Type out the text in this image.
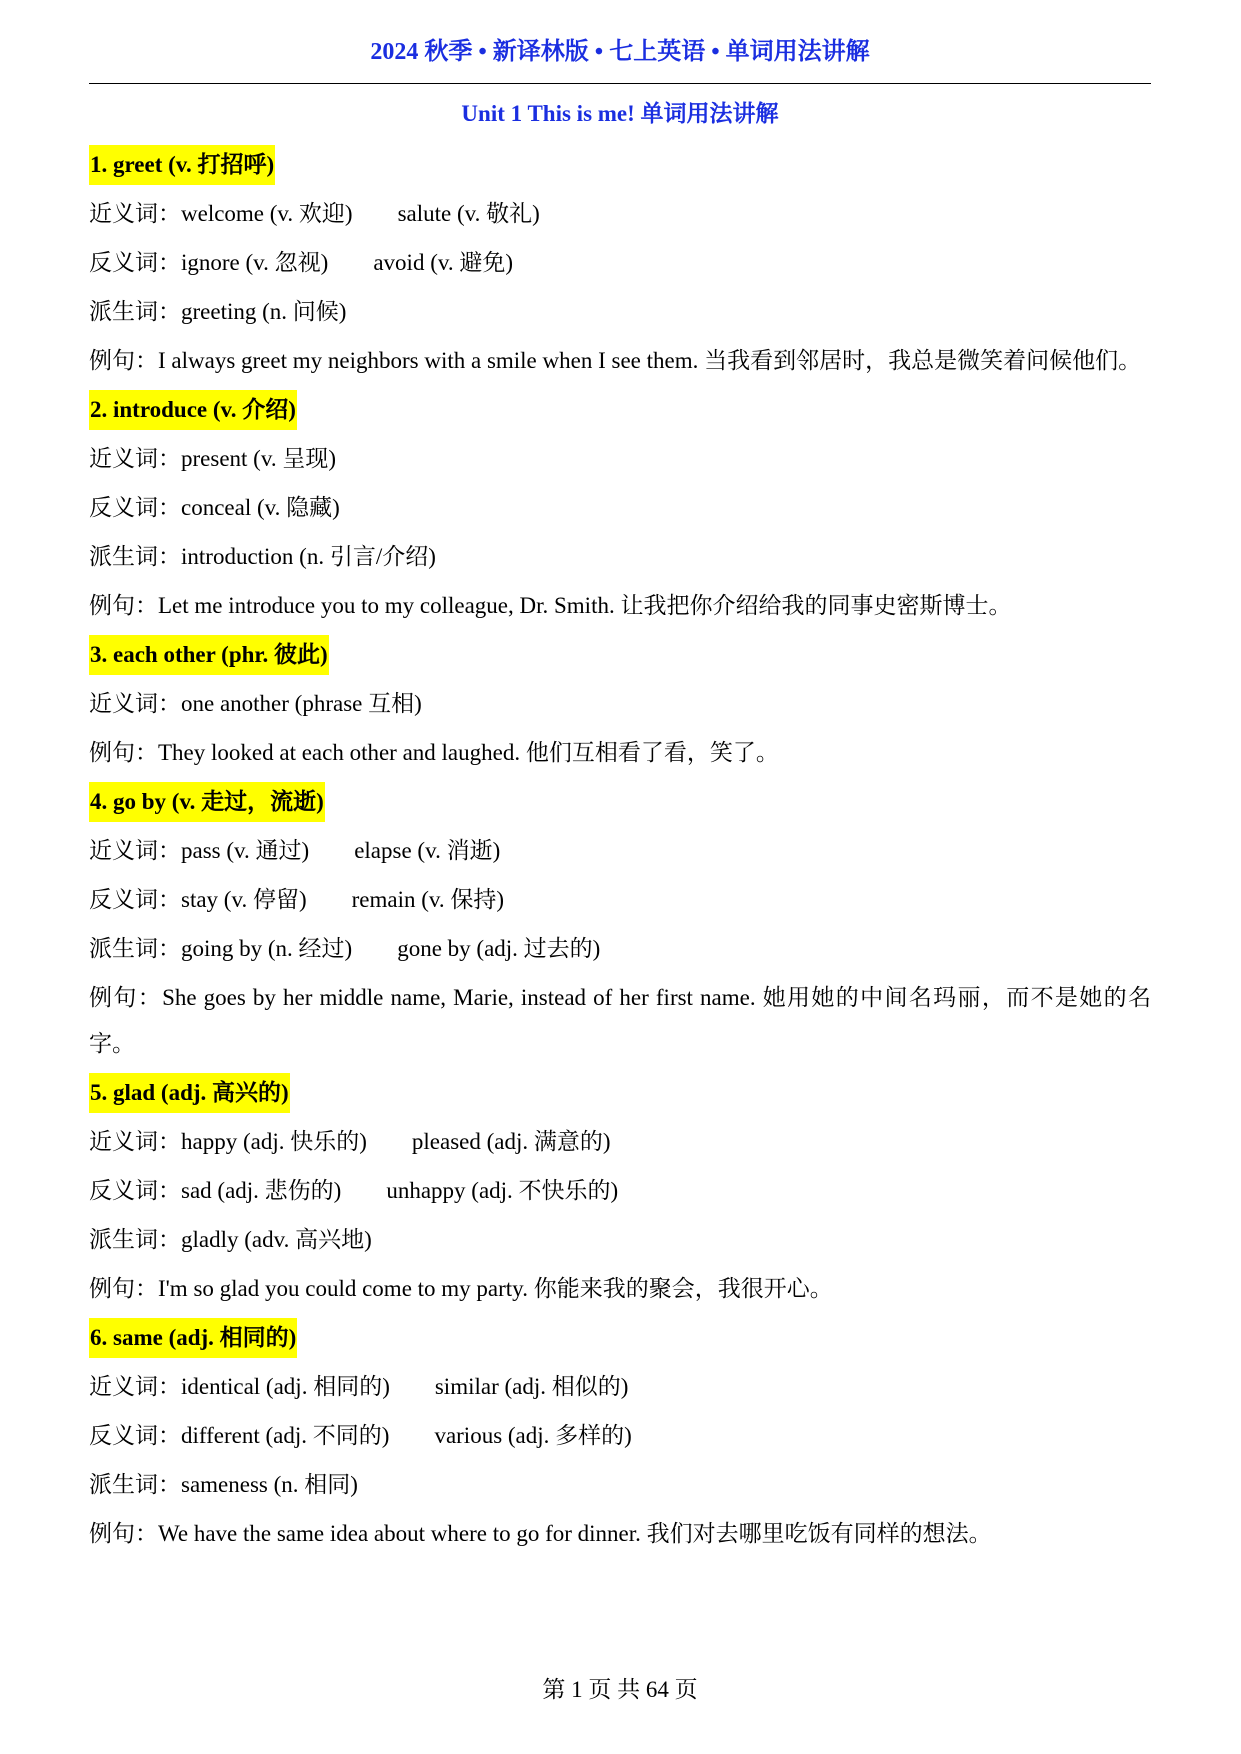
2024 秋季 • 新译林版 • 七上英语 • 单词用法讲解
Unit 1 This is me! 单词用法讲解
1. greet (v. 打招呼)
近义词：welcome (v. 欢迎) salute (v. 敬礼)
反义词：ignore (v. 忽视) avoid (v. 避免)
派生词：greeting (n. 问候)
例句：I always greet my neighbors with a smile when I see them. 当我看到邻居时，我总是微笑着问候他们。
2. introduce (v. 介绍)
近义词：present (v. 呈现)
反义词：conceal (v. 隐藏)
派生词：introduction (n. 引言/介绍)
例句：Let me introduce you to my colleague, Dr. Smith. 让我把你介绍给我的同事史密斯博士。
3. each other (phr. 彼此)
近义词：one another (phrase 互相)
例句：They looked at each other and laughed. 他们互相看了看，笑了。
4. go by (v. 走过，流逝)
近义词：pass (v. 通过) elapse (v. 消逝)
反义词：stay (v. 停留) remain (v. 保持)
派生词：going by (n. 经过) gone by (adj. 过去的)
例句：She goes by her middle name, Marie, instead of her first name. 她用她的中间名玛丽，而不是她的名字。
5. glad (adj. 高兴的)
近义词：happy (adj. 快乐的) pleased (adj. 满意的)
反义词：sad (adj. 悲伤的) unhappy (adj. 不快乐的)
派生词：gladly (adv. 高兴地)
例句：I'm so glad you could come to my party. 你能来我的聚会，我很开心。
6. same (adj. 相同的)
近义词：identical (adj. 相同的) similar (adj. 相似的)
反义词：different (adj. 不同的) various (adj. 多样的)
派生词：sameness (n. 相同)
例句：We have the same idea about where to go for dinner. 我们对去哪里吃饭有同样的想法。
第 1 页 共 64 页
